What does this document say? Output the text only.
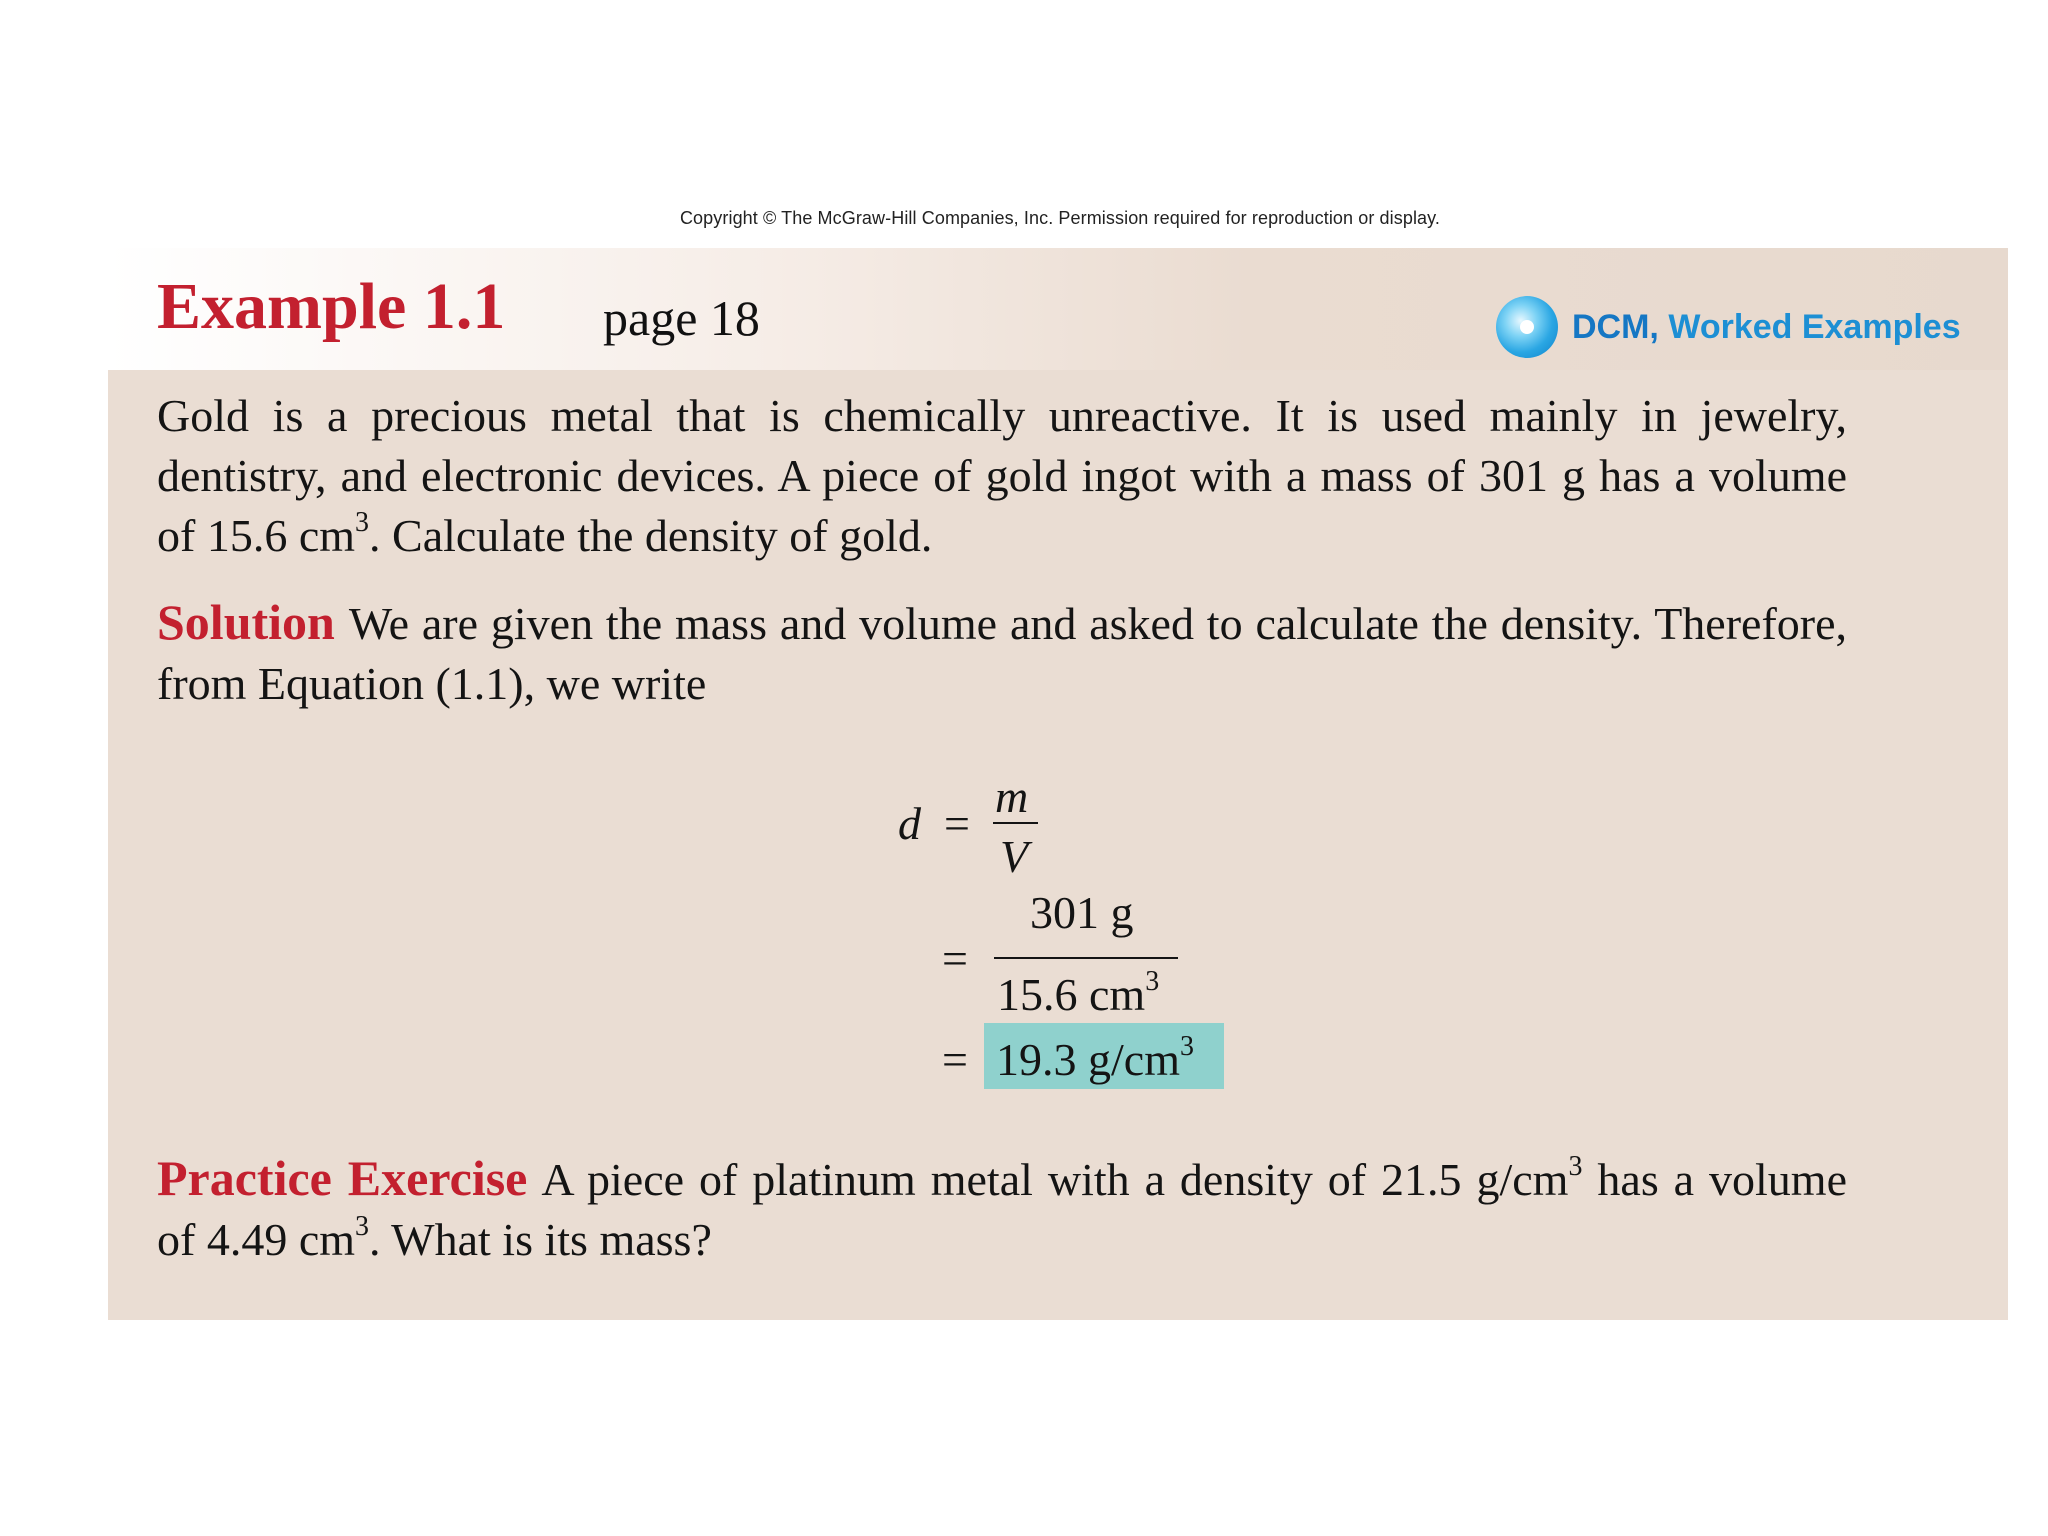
Copyright © The McGraw-Hill Companies, Inc. Permission required for reproduction or display.
Example 1.1 page 18	DCM, Worked Examples
Gold is a precious metal that is chemically unreactive. It is used mainly in jewelry, dentistry, and electronic devices. A piece of gold ingot with a mass of 301 g has a volume of 15.6 $cm^3$. Calculate the density of gold.
Solution We are given the mass and volume and asked to calculate the density. Therefore, from Equation (1.1), we write
d =
m
V
=
301 g
15.6 $cm^3$
= 19.3 $g/cm^3$
Practice Exercise A piece of platinum metal with a density of 21.5 $g/cm^3$ has a volume of 4.49 $cm^3$. What is its mass?
